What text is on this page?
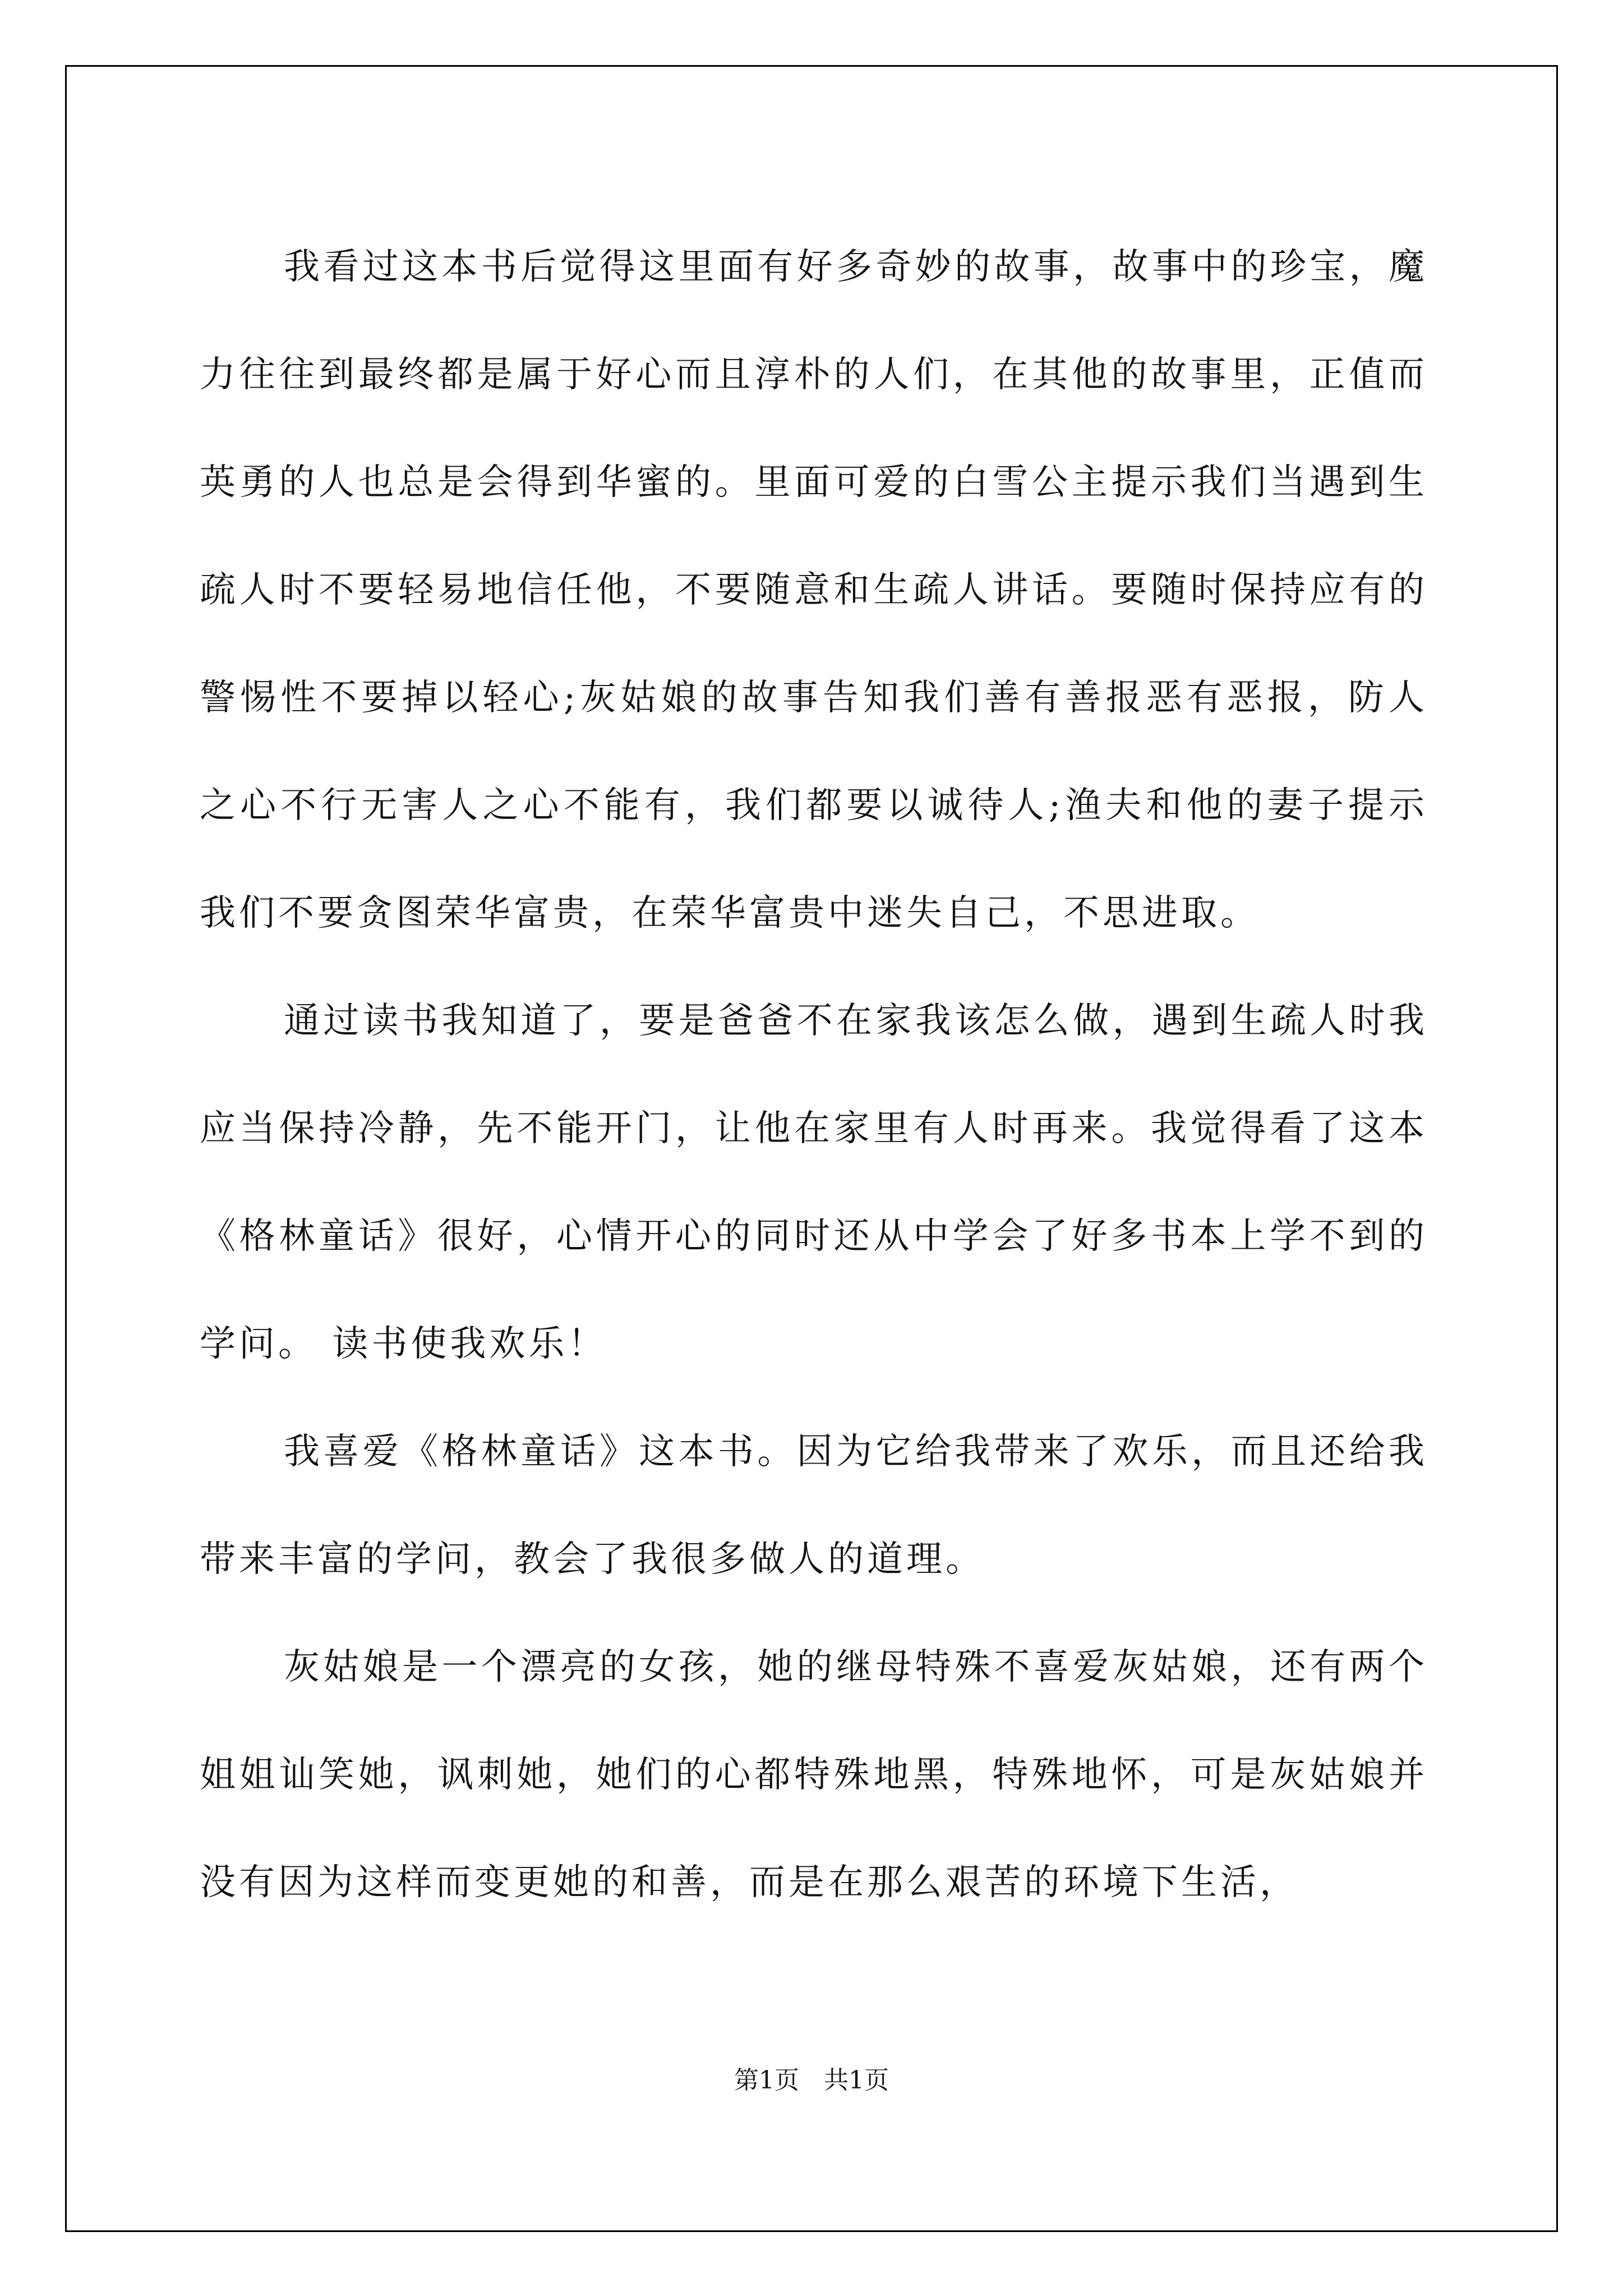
我看过这本书后觉得这里面有好多奇妙的故事，故事中的珍宝，魔力往往到最终都是属于好心而且淳朴的人们，在其他的故事里，正值而英勇的人也总是会得到华蜜的。里面可爱的白雪公主提示我们当遇到生疏人时不要轻易地信任他，不要随意和生疏人讲话。要随时保持应有的警惕性不要掉以轻心;灰姑娘的故事告知我们善有善报恶有恶报，防人之心不行无害人之心不能有，我们都要以诚待人;渔夫和他的妻子提示我们不要贪图荣华富贵，在荣华富贵中迷失自己，不思进取。

通过读书我知道了，要是爸爸不在家我该怎么做，遇到生疏人时我应当保持冷静，先不能开门，让他在家里有人时再来。我觉得看了这本《格林童话》很好，心情开心的同时还从中学会了好多书本上学不到的学问。 读书使我欢乐！

我喜爱《格林童话》这本书。因为它给我带来了欢乐，而且还给我带来丰富的学问，教会了我很多做人的道理。

灰姑娘是一个漂亮的女孩，她的继母特殊不喜爱灰姑娘，还有两个姐姐讪笑她，讽刺她，她们的心都特殊地黑，特殊地怀，可是灰姑娘并没有因为这样而变更她的和善，而是在那么艰苦的环境下生活，

第1页　共1页
